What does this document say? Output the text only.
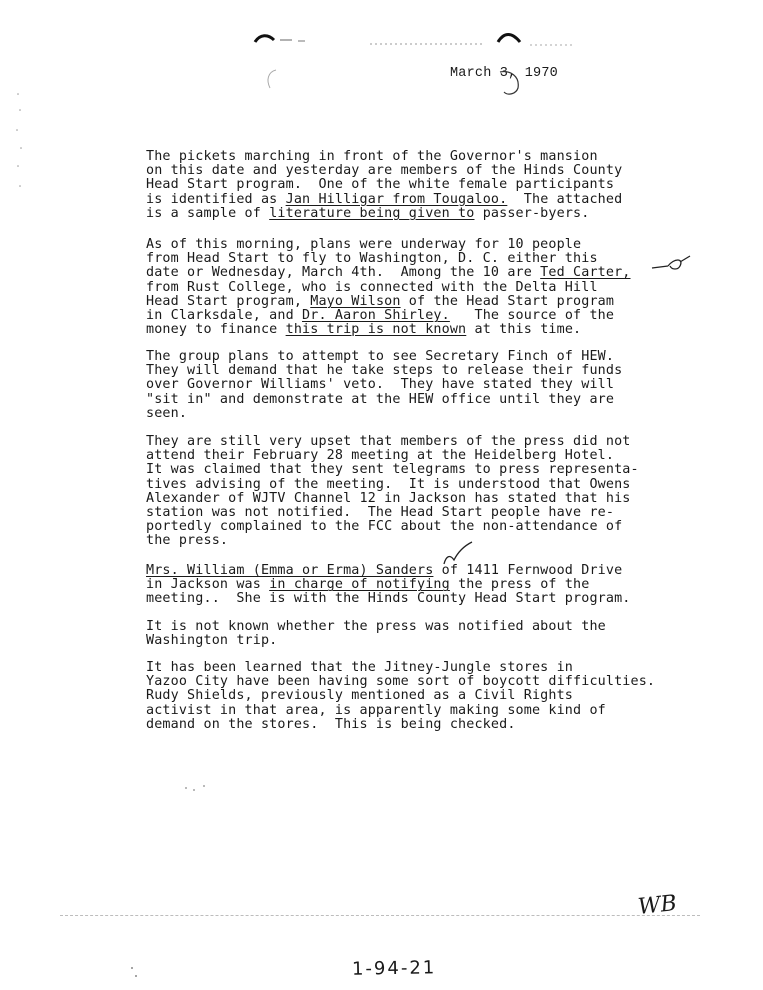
March 3, 1970
The pickets marching in front of the Governor's mansion
on this date and yesterday are members of the Hinds County
Head Start program.  One of the white female participants
is identified as Jan Hilligar from Tougaloo.  The attached
is a sample of literature being given to passer-byers.
As of this morning, plans were underway for 10 people
from Head Start to fly to Washington, D. C. either this
date or Wednesday, March 4th.  Among the 10 are Ted Carter,
from Rust College, who is connected with the Delta Hill
Head Start program, Mayo Wilson of the Head Start program
in Clarksdale, and Dr. Aaron Shirley.   The source of the
money to finance this trip is not known at this time.
The group plans to attempt to see Secretary Finch of HEW.
They will demand that he take steps to release their funds
over Governor Williams' veto.  They have stated they will
"sit in" and demonstrate at the HEW office until they are
seen.
They are still very upset that members of the press did not
attend their February 28 meeting at the Heidelberg Hotel.
It was claimed that they sent telegrams to press representa-
tives advising of the meeting.  It is understood that Owens
Alexander of WJTV Channel 12 in Jackson has stated that his
station was not notified.  The Head Start people have re-
portedly complained to the FCC about the non-attendance of
the press.
Mrs. William (Emma or Erma) Sanders of 1411 Fernwood Drive
in Jackson was in charge of notifying the press of the
meeting..  She is with the Hinds County Head Start program.
It is not known whether the press was notified about the
Washington trip.
It has been learned that the Jitney-Jungle stores in
Yazoo City have been having some sort of boycott difficulties.
Rudy Shields, previously mentioned as a Civil Rights
activist in that area, is apparently making some kind of
demand on the stores.  This is being checked.
WB
1-94-21
